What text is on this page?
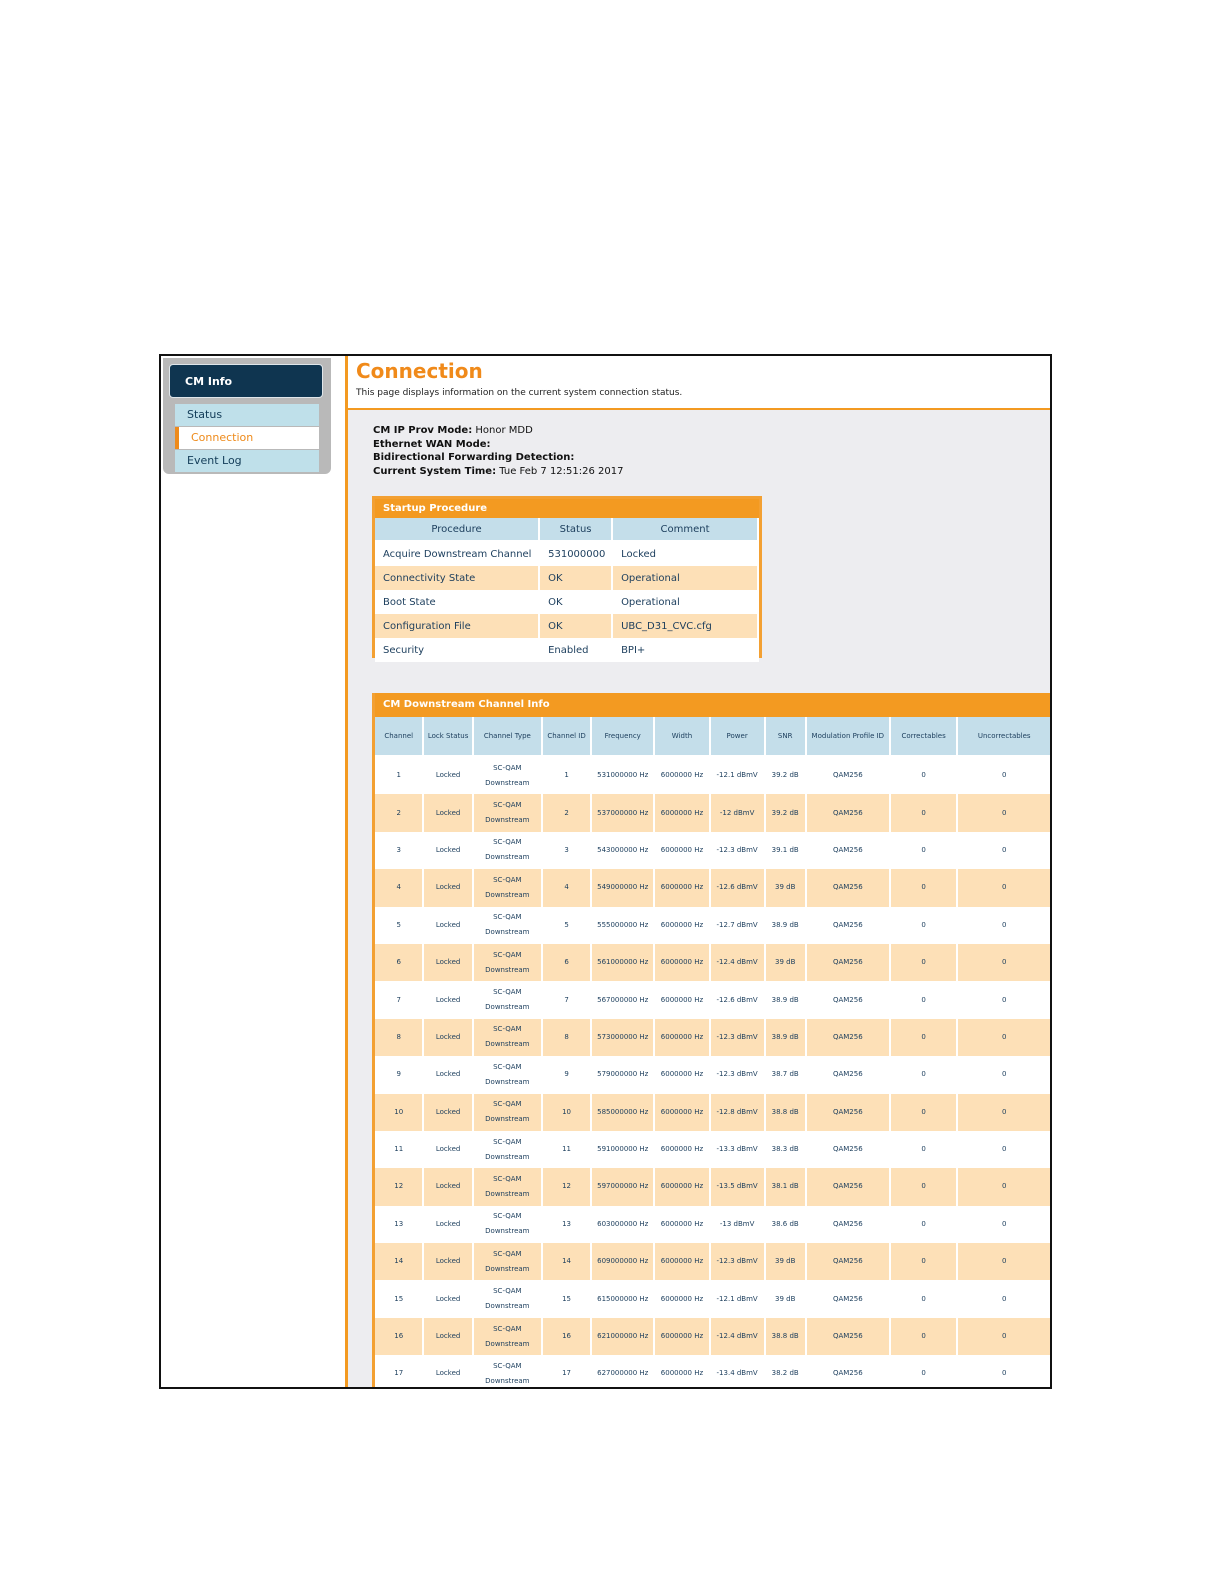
CM Info
Status
Connection
Event Log
Connection
This page displays information on the current system connection status.
CM IP Prov Mode: Honor MDD
Ethernet WAN Mode:
Bidirectional Forwarding Detection:
Current System Time: Tue Feb 7 12:51:26 2017
Startup Procedure
Procedure	Status	Comment
Acquire Downstream Channel	531000000	Locked
Connectivity State	OK	Operational
Boot State	OK	Operational
Configuration File	OK	UBC_D31_CVC.cfg
Security	Enabled	BPI+
CM Downstream Channel Info
Channel	Lock Status	Channel Type	Channel ID	Frequency	Width	Power	SNR	Modulation Profile ID	Correctables	Uncorrectables
1	Locked	SC-QAM Downstream	1	531000000 Hz	6000000 Hz	-12.1 dBmV	39.2 dB	QAM256	0	0
2	Locked	SC-QAM Downstream	2	537000000 Hz	6000000 Hz	-12 dBmV	39.2 dB	QAM256	0	0
3	Locked	SC-QAM Downstream	3	543000000 Hz	6000000 Hz	-12.3 dBmV	39.1 dB	QAM256	0	0
4	Locked	SC-QAM Downstream	4	549000000 Hz	6000000 Hz	-12.6 dBmV	39 dB	QAM256	0	0
5	Locked	SC-QAM Downstream	5	555000000 Hz	6000000 Hz	-12.7 dBmV	38.9 dB	QAM256	0	0
6	Locked	SC-QAM Downstream	6	561000000 Hz	6000000 Hz	-12.4 dBmV	39 dB	QAM256	0	0
7	Locked	SC-QAM Downstream	7	567000000 Hz	6000000 Hz	-12.6 dBmV	38.9 dB	QAM256	0	0
8	Locked	SC-QAM Downstream	8	573000000 Hz	6000000 Hz	-12.3 dBmV	38.9 dB	QAM256	0	0
9	Locked	SC-QAM Downstream	9	579000000 Hz	6000000 Hz	-12.3 dBmV	38.7 dB	QAM256	0	0
10	Locked	SC-QAM Downstream	10	585000000 Hz	6000000 Hz	-12.8 dBmV	38.8 dB	QAM256	0	0
11	Locked	SC-QAM Downstream	11	591000000 Hz	6000000 Hz	-13.3 dBmV	38.3 dB	QAM256	0	0
12	Locked	SC-QAM Downstream	12	597000000 Hz	6000000 Hz	-13.5 dBmV	38.1 dB	QAM256	0	0
13	Locked	SC-QAM Downstream	13	603000000 Hz	6000000 Hz	-13 dBmV	38.6 dB	QAM256	0	0
14	Locked	SC-QAM Downstream	14	609000000 Hz	6000000 Hz	-12.3 dBmV	39 dB	QAM256	0	0
15	Locked	SC-QAM Downstream	15	615000000 Hz	6000000 Hz	-12.1 dBmV	39 dB	QAM256	0	0
16	Locked	SC-QAM Downstream	16	621000000 Hz	6000000 Hz	-12.4 dBmV	38.8 dB	QAM256	0	0
17	Locked	SC-QAM Downstream	17	627000000 Hz	6000000 Hz	-13.4 dBmV	38.2 dB	QAM256	0	0
